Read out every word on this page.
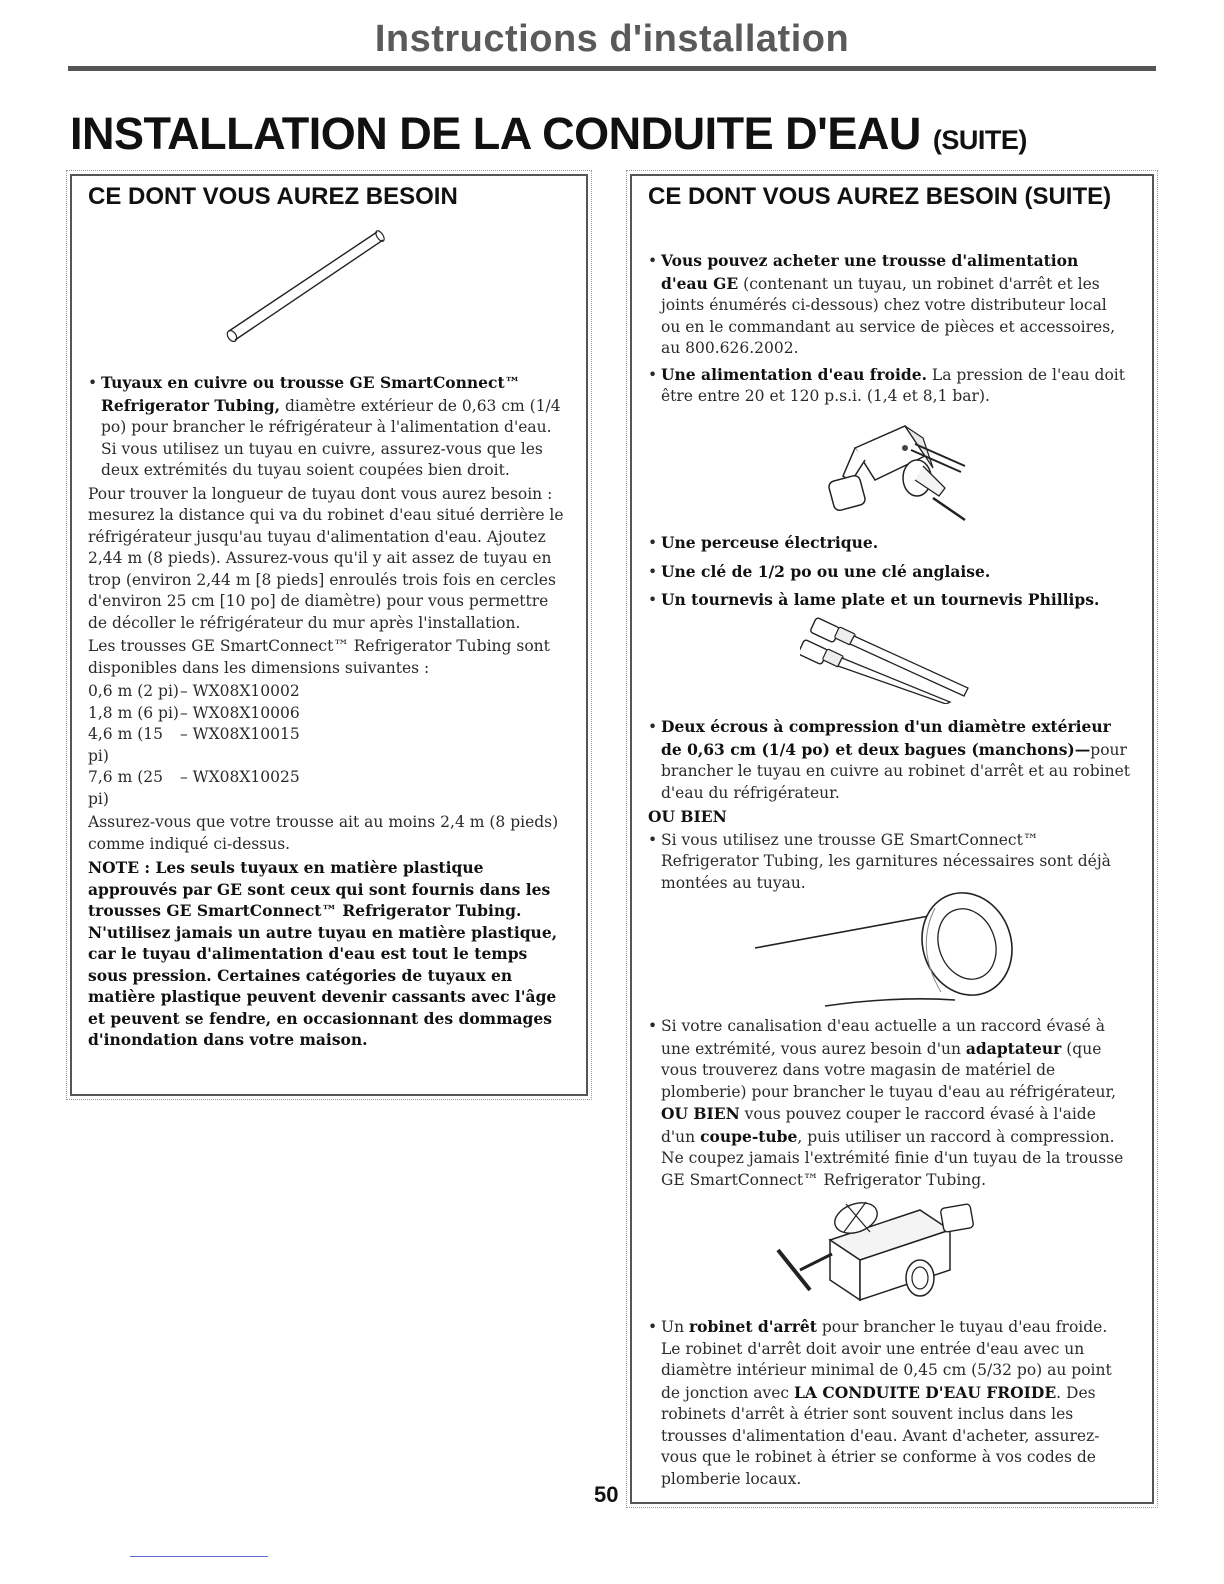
Instructions d'installation
INSTALLATION DE LA CONDUITE D'EAU (SUITE)
CE DONT VOUS AUREZ BESOIN

• Tuyaux en cuivre ou trousse GE SmartConnect™ Refrigerator Tubing, diamètre extérieur de 0,63 cm (1/4 po) pour brancher le réfrigérateur à l'alimentation d'eau. Si vous utilisez un tuyau en cuivre, assurez-vous que les deux extrémités du tuyau soient coupées bien droit.

Pour trouver la longueur de tuyau dont vous aurez besoin : mesurez la distance qui va du robinet d'eau situé derrière le réfrigérateur jusqu'au tuyau d'alimentation d'eau. Ajoutez 2,44 m (8 pieds). Assurez-vous qu'il y ait assez de tuyau en trop (environ 2,44 m [8 pieds] enroulés trois fois en cercles d'environ 25 cm [10 po] de diamètre) pour vous permettre de décoller le réfrigérateur du mur après l'installation.

Les trousses GE SmartConnect™ Refrigerator Tubing sont disponibles dans les dimensions suivantes :

0,6 m (2 pi) – WX08X10002
1,8 m (6 pi) – WX08X10006
4,6 m (15 pi)
– WX08X10015
7,6 m (25 pi)
– WX08X10025

Assurez-vous que votre trousse ait au moins 2,4 m (8 pieds) comme indiqué ci-dessus.

NOTE : Les seuls tuyaux en matière plastique approuvés par GE sont ceux qui sont fournis dans les trousses GE SmartConnect™ Refrigerator Tubing. N'utilisez jamais un autre tuyau en matière plastique, car le tuyau d'alimentation d'eau est tout le temps sous pression. Certaines catégories de tuyaux en matière plastique peuvent devenir cassants avec l'âge et peuvent se fendre, en occasionnant des dommages d'inondation dans votre maison.

CE DONT VOUS AUREZ BESOIN (SUITE)

• Vous pouvez acheter une trousse d'alimentation d'eau GE (contenant un tuyau, un robinet d'arrêt et les joints énumérés ci-dessous) chez votre distributeur local ou en le commandant au service de pièces et accessoires, au 800.626.2002.

• Une alimentation d'eau froide. La pression de l'eau doit être entre 20 et 120 p.s.i. (1,4 et 8,1 bar).

• Une perceuse électrique.

• Une clé de 1/2 po ou une clé anglaise.

• Un tournevis à lame plate et un tournevis Phillips.

• Deux écrous à compression d'un diamètre extérieur de 0,63 cm (1/4 po) et deux bagues (manchons)—pour brancher le tuyau en cuivre au robinet d'arrêt et au robinet d'eau du réfrigérateur.

OU BIEN

• Si vous utilisez une trousse GE SmartConnect™ Refrigerator Tubing, les garnitures nécessaires sont déjà montées au tuyau.

• Si votre canalisation d'eau actuelle a un raccord évasé à une extrémité, vous aurez besoin d'un adaptateur (que vous trouverez dans votre magasin de matériel de plomberie) pour brancher le tuyau d'eau au réfrigérateur, OU BIEN vous pouvez couper le raccord évasé à l'aide d'un coupe-tube, puis utiliser un raccord à compression. Ne coupez jamais l'extrémité finie d'un tuyau de la trousse GE SmartConnect™ Refrigerator Tubing.

• Un robinet d'arrêt pour brancher le tuyau d'eau froide. Le robinet d'arrêt doit avoir une entrée d'eau avec un diamètre intérieur minimal de 0,45 cm (5/32 po) au point de jonction avec LA CONDUITE D'EAU FROIDE. Des robinets d'arrêt à étrier sont souvent inclus dans les trousses d'alimentation d'eau. Avant d'acheter, assurez-vous que le robinet à étrier se conforme à vos codes de plomberie locaux.

50
